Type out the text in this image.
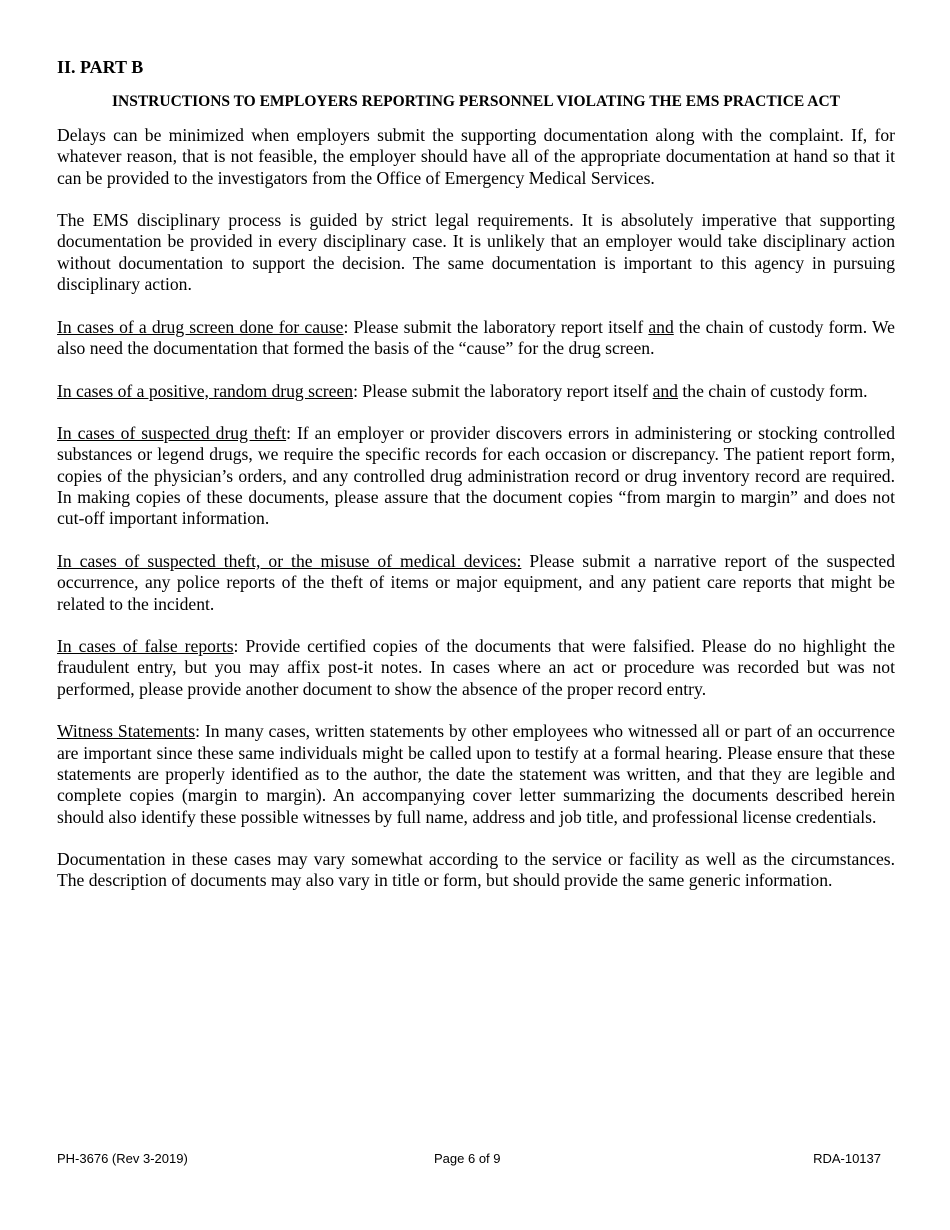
II. PART B
INSTRUCTIONS TO EMPLOYERS REPORTING PERSONNEL VIOLATING THE EMS PRACTICE ACT

Delays can be minimized when employers submit the supporting documentation along with the complaint. If, for whatever reason, that is not feasible, the employer should have all of the appropriate documentation at hand so that it can be provided to the investigators from the Office of Emergency Medical Services.

The EMS disciplinary process is guided by strict legal requirements. It is absolutely imperative that supporting documentation be provided in every disciplinary case. It is unlikely that an employer would take disciplinary action without documentation to support the decision. The same documentation is important to this agency in pursuing disciplinary action.

In cases of a drug screen done for cause: Please submit the laboratory report itself and the chain of custody form. We also need the documentation that formed the basis of the “cause” for the drug screen.

In cases of a positive, random drug screen: Please submit the laboratory report itself and the chain of custody form.

In cases of suspected drug theft: If an employer or provider discovers errors in administering or stocking controlled substances or legend drugs, we require the specific records for each occasion or discrepancy. The patient report form, copies of the physician’s orders, and any controlled drug administration record or drug inventory record are required. In making copies of these documents, please assure that the document copies “from margin to margin” and does not cut-off important information.

In cases of suspected theft, or the misuse of medical devices: Please submit a narrative report of the suspected occurrence, any police reports of the theft of items or major equipment, and any patient care reports that might be related to the incident.

In cases of false reports: Provide certified copies of the documents that were falsified. Please do no highlight the fraudulent entry, but you may affix post-it notes. In cases where an act or procedure was recorded but was not performed, please provide another document to show the absence of the proper record entry.

Witness Statements: In many cases, written statements by other employees who witnessed all or part of an occurrence are important since these same individuals might be called upon to testify at a formal hearing. Please ensure that these statements are properly identified as to the author, the date the statement was written, and that they are legible and complete copies (margin to margin). An accompanying cover letter summarizing the documents described herein should also identify these possible witnesses by full name, address and job title, and professional license credentials.

Documentation in these cases may vary somewhat according to the service or facility as well as the circumstances. The description of documents may also vary in title or form, but should provide the same generic information.

PH-3676 (Rev 3-2019)	Page 6 of 9	RDA-10137
